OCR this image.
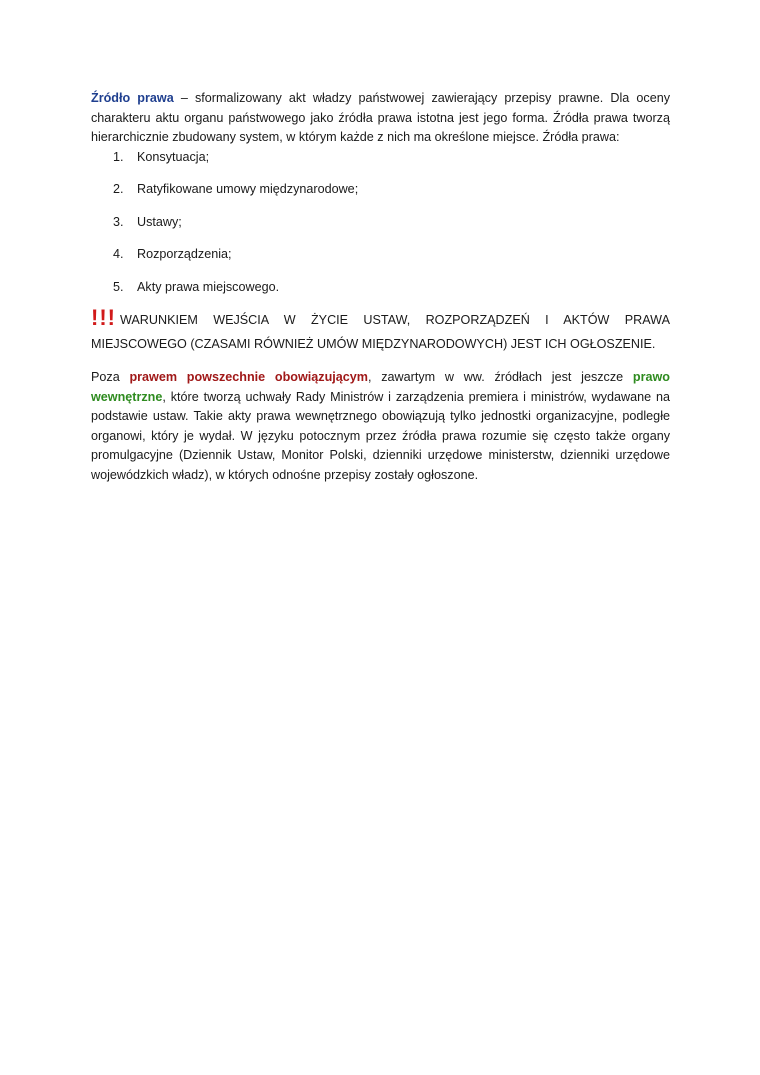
Źródło prawa – sformalizowany akt władzy państwowej zawierający przepisy prawne. Dla oceny charakteru aktu organu państwowego jako źródła prawa istotna jest jego forma. Źródła prawa tworzą hierarchicznie zbudowany system, w którym każde z nich ma określone miejsce. Źródła prawa:

1.	Konsytuacja;
2.	Ratyfikowane umowy międzynarodowe;
3.	Ustawy;
4.	Rozporządzenia;
5.	Akty prawa miejscowego.

!!! WARUNKIEM WEJŚCIA W ŻYCIE USTAW, ROZPORZĄDZEŃ I AKTÓW PRAWA MIEJSCOWEGO (CZASAMI RÓWNIEŻ UMÓW MIĘDZYNARODOWYCH) JEST ICH OGŁOSZENIE.

Poza prawem powszechnie obowiązującym, zawartym w ww. źródłach jest jeszcze prawo wewnętrzne, które tworzą uchwały Rady Ministrów i zarządzenia premiera i ministrów, wydawane na podstawie ustaw. Takie akty prawa wewnętrznego obowiązują tylko jednostki organizacyjne, podległe organowi, który je wydał. W języku potocznym przez źródła prawa rozumie się często także organy promulgacyjne (Dziennik Ustaw, Monitor Polski, dzienniki urzędowe ministerstw, dzienniki urzędowe wojewódzkich władz), w których odnośne przepisy zostały ogłoszone.
